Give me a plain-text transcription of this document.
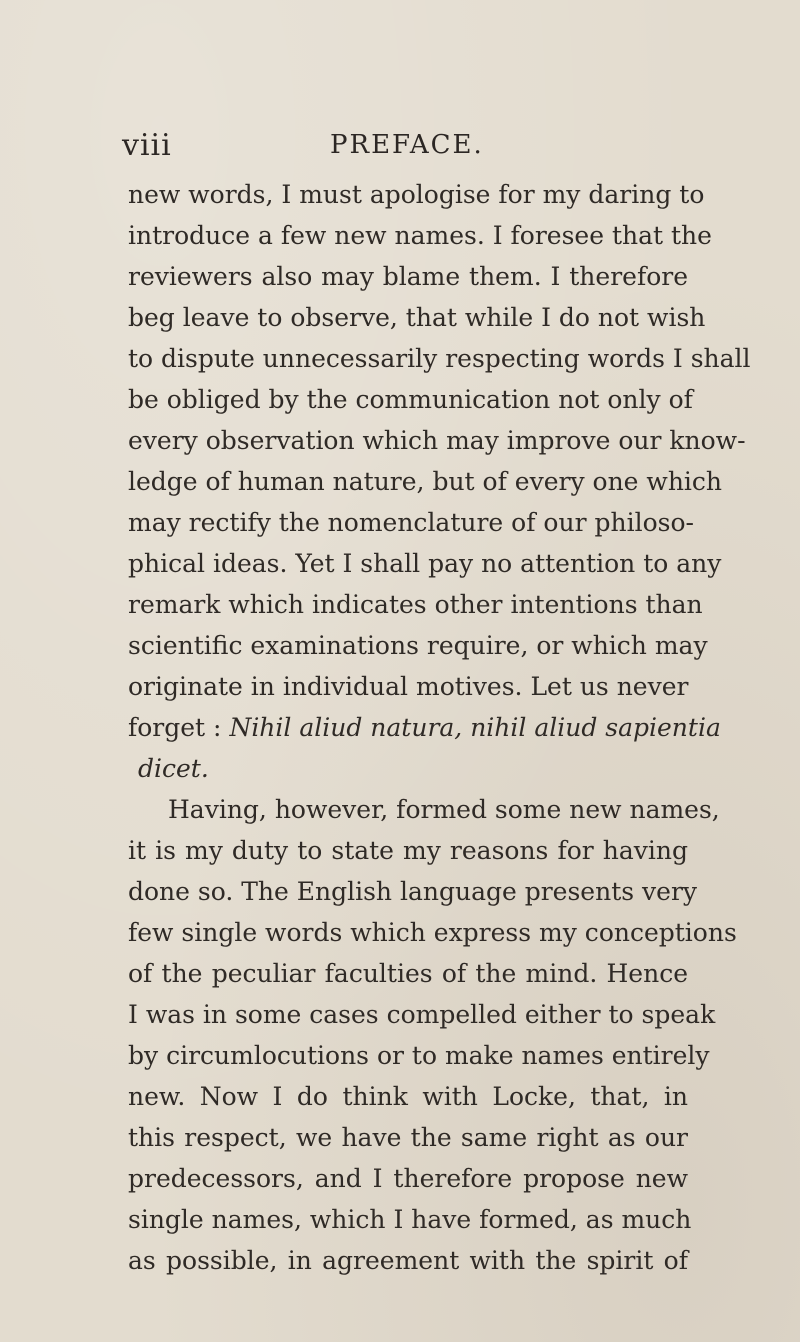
viii	PREFACE.
new words, I must apologise for my daring to
introduce a few new names. I foresee that the
reviewers also may blame them. I therefore
beg leave to observe, that while I do not wish
to dispute unnecessarily respecting words I shall
be obliged by the communication not only of
every observation which may improve our know-
ledge of human nature, but of every one which
may rectify the nomenclature of our philoso-
phical ideas. Yet I shall pay no attention to any
remark which indicates other intentions than
scientific examinations require, or which may
originate in individual motives. Let us never
forget : Nihil aliud natura, nihil aliud sapientia
dicet.
Having, however, formed some new names,
it is my duty to state my reasons for having
done so. The English language presents very
few single words which express my conceptions
of the peculiar faculties of the mind. Hence
I was in some cases compelled either to speak
by circumlocutions or to make names entirely
new. Now I do think with Locke, that, in
this respect, we have the same right as our
predecessors, and I therefore propose new
single names, which I have formed, as much
as possible, in agreement with the spirit of
